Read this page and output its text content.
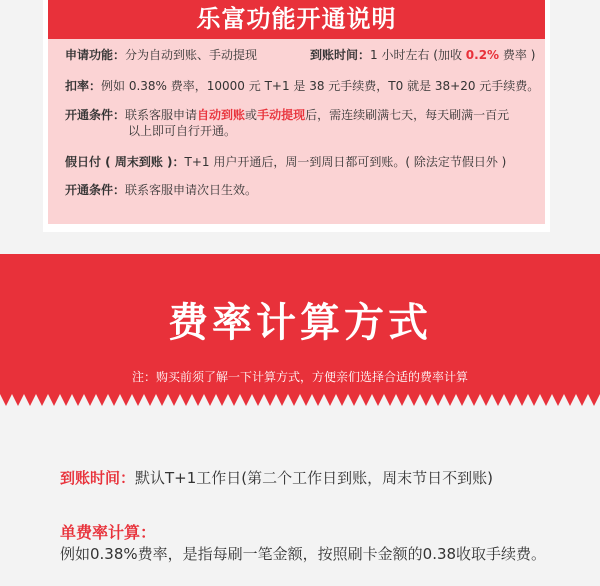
乐富功能开通说明
申请功能：分为自动到账、手动提现	到账时间：1 小时左右 (加收 0.2% 费率 )
扣率：例如 0.38% 费率，10000 元 T+1 是 38 元手续费，T0 就是 38+20 元手续费。
开通条件：联系客服申请自动到账或手动提现后，需连续刷满七天，每天刷满一百元
以上即可自行开通。
假日付 ( 周末到账 )：T+1 用户开通后，周一到周日都可到账。( 除法定节假日外 )
开通条件：联系客服申请次日生效。
费率计算方式
注：购买前须了解一下计算方式，方便亲们选择合适的费率计算
到账时间：默认T+1工作日(第二个工作日到账，周末节日不到账)
单费率计算：
例如0.38%费率，是指每刷一笔金额，按照刷卡金额的0.38收取手续费。
